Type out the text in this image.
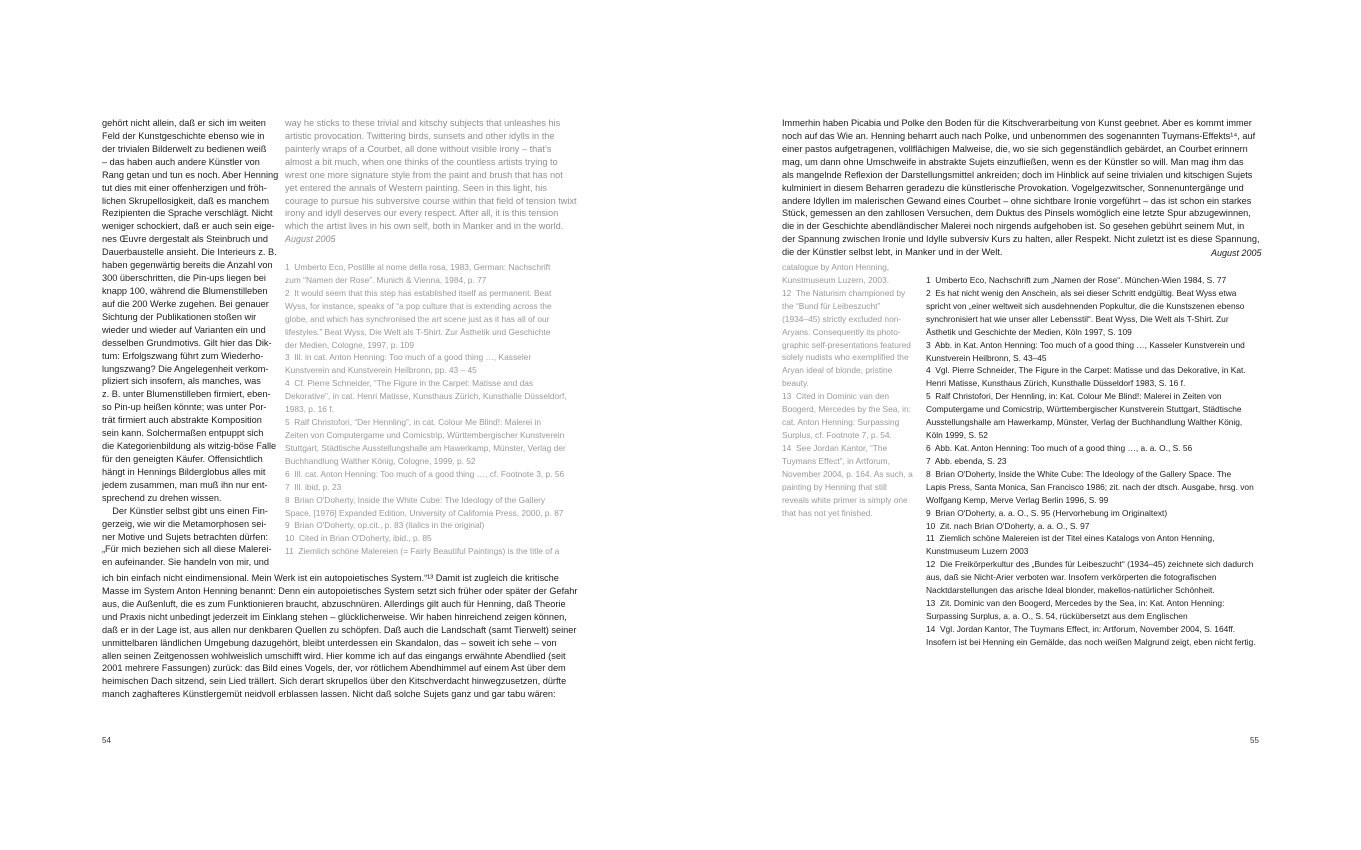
gehört nicht allein, daß er sich im weiten
Feld der Kunstgeschichte ebenso wie in
der trivialen Bilderwelt zu bedienen weiß
– das haben auch andere Künstler von
Rang getan und tun es noch. Aber Henning
tut dies mit einer offenherzigen und fröh-
lichen Skrupellosigkeit, daß es manchem
Rezipienten die Sprache verschlägt. Nicht
weniger schockiert, daß er auch sein eige-
nes Œuvre dergestalt als Steinbruch und
Dauerbaustelle ansieht. Die Interieurs z. B.
haben gegenwärtig bereits die Anzahl von
300 überschritten, die Pin-ups liegen bei
knapp 100, während die Blumenstilleben
auf die 200 Werke zugehen. Bei genauer
Sichtung der Publikationen stoßen wir
wieder und wieder auf Varianten ein und
desselben Grundmotivs. Gilt hier das Dik-
tum: Erfolgszwang führt zum Wiederho-
lungszwang? Die Angelegenheit verkom-
pliziert sich insofern, als manches, was
z. B. unter Blumenstilleben firmiert, eben-
so Pin-up heißen könnte; was unter Por-
trät firmiert auch abstrakte Komposition
sein kann. Solchermaßen entpuppt sich
die Kategorienbildung als witzig-böse Falle
für den geneigten Käufer. Offensichtlich
hängt in Hennings Bilderglobus alles mit
jedem zusammen, man muß ihn nur ent-
sprechend zu drehen wissen.
Der Künstler selbst gibt uns einen Fin-
gerzeig, wie wir die Metamorphosen sei-
ner Motive und Sujets betrachten dürfen:
„Für mich beziehen sich all diese Malerei-
en aufeinander. Sie handeln von mir, und
way he sticks to these trivial and kitschy subjects that unleashes his
artistic provocation. Twittering birds, sunsets and other idylls in the
painterly wraps of a Courbet, all done without visible irony – that's
almost a bit much, when one thinks of the countless artists trying to
wrest one more signature style from the paint and brush that has not
yet entered the annals of Western painting. Seen in this light, his
courage to pursue his subversive course within that field of tension twixt
irony and idyll deserves our every respect. After all, it is this tension
which the artist lives in his own self, both in Manker and in the world.
August 2005
1  Umberto Eco, Postille al nome della rosa, 1983, German: Nachschrift
zum “Namen der Rose”. Munich & Vienna, 1984, p. 77
2  It would seem that this step has established itself as permanent. Beat
Wyss, for instance, speaks of “a pop culture that is extending across the
globe, and which has synchronised the art scene just as it has all of our
lifestyles.” Beat Wyss, Die Welt als T-Shirt. Zur Ästhetik und Geschichte
der Medien, Cologne, 1997, p. 109
3  Ill. in cat. Anton Henning: Too much of a good thing …, Kasseler
Kunstverein and Kunstverein Heilbronn, pp. 43 – 45
4  Cf. Pierre Schneider, “The Figure in the Carpet: Matisse and das
Dekorative”, in cat. Henri Matisse, Kunsthaus Zürich, Kunsthalle Düsseldorf,
1983, p. 16 f.
5  Ralf Christofori, “Der Hennling”, in cat. Colour Me Blind!: Malerei in
Zeiten von Computergame und Comicstrip, Württembergischer Kunstverein
Stuttgart, Städtische Ausstellungshalle am Hawerkamp, Münster, Verlag der
Buchhandlung Walther König, Cologne, 1999, p. 52
6  Ill. cat. Anton Henning: Too much of a good thing …, cf. Footnote 3, p. 56
7  Ill. ibid, p. 23
8  Brian O'Doherty, Inside the White Cube: The Ideology of the Gallery
Space, [1976] Expanded Edition, University of California Press, 2000, p. 87
9  Brian O'Doherty, op.cit., p. 83 (italics in the original)
10  Cited in Brian O'Doherty, ibid., p. 85
11  Ziemlich schöne Malereien (= Fairly Beautiful Paintings) is the title of a
ich bin einfach nicht eindimensional. Mein Werk ist ein autopoietisches System.“¹³ Damit ist zugleich die kritische
Masse im System Anton Henning benannt: Denn ein autopoietisches System setzt sich früher oder später der Gefahr
aus, die Außenluft, die es zum Funktionieren braucht, abzuschnüren. Allerdings gilt auch für Henning, daß Theorie
und Praxis nicht unbedingt jederzeit im Einklang stehen – glücklicherweise. Wir haben hinreichend zeigen können,
daß er in der Lage ist, aus allen nur denkbaren Quellen zu schöpfen. Daß auch die Landschaft (samt Tierwelt) seiner
unmittelbaren ländlichen Umgebung dazugehört, bleibt unterdessen ein Skandalon, das – soweit ich sehe – von
allen seinen Zeitgenossen wohlweislich umschifft wird. Hier komme ich auf das eingangs erwähnte Abendlied (seit
2001 mehrere Fassungen) zurück: das Bild eines Vogels, der, vor rötlichem Abendhimmel auf einem Ast über dem
heimischen Dach sitzend, sein Lied trällert. Sich derart skrupellos über den Kitschverdacht hinwegzusetzen, dürfte
manch zaghafteres Künstlergemüt neidvoll erblassen lassen. Nicht daß solche Sujets ganz und gar tabu wären:
54
Immerhin haben Picabia und Polke den Boden für die Kitschverarbeitung von Kunst geebnet. Aber es kommt immer
noch auf das Wie an. Henning beharrt auch nach Polke, und unbenommen des sogenannten Tuymans-Effekts¹⁴, auf
einer pastos aufgetragenen, vollflächigen Malweise, die, wo sie sich gegenständlich gebärdet, an Courbet erinnern
mag, um dann ohne Umschweife in abstrakte Sujets einzufließen, wenn es der Künstler so will. Man mag ihm das
als mangelnde Reflexion der Darstellungsmittel ankreiden; doch im Hinblick auf seine trivialen und kitschigen Sujets
kulminiert in diesem Beharren geradezu die künstlerische Provokation. Vogelgezwitscher, Sonnenuntergänge und
andere Idyllen im malerischen Gewand eines Courbet – ohne sichtbare Ironie vorgeführt – das ist schon ein starkes
Stück, gemessen an den zahllosen Versuchen, dem Duktus des Pinsels womöglich eine letzte Spur abzugewinnen,
die in der Geschichte abendländischer Malerei noch nirgends aufgehoben ist. So gesehen gebührt seinem Mut, in
der Spannung zwischen Ironie und Idylle subversiv Kurs zu halten, aller Respekt. Nicht zuletzt ist es diese Spannung,
die der Künstler selbst lebt, in Manker und in der Welt.	August 2005
catalogue by Anton Henning,
Kunstmuseum Luzern, 2003.
12  The Naturism championed by
the “Bund für Leibeszucht”
(1934–45) strictly excluded non-
Aryans. Consequently its photo-
graphic self-presentations featured
solely nudists who exemplified the
Aryan ideal of blonde, pristine
beauty.
13  Cited in Dominic van den
Boogerd, Mercedes by the Sea, in:
cat. Anton Henning: Surpassing
Surplus, cf. Footnote 7, p. 54.
14  See Jordan Kantor, “The
Tuymans Effect”, in Artforum,
November 2004, p. 164. As such, a
painting by Henning that still
reveals white primer is simply one
that has not yet finished.
1  Umberto Eco, Nachschrift zum „Namen der Rose“. München-Wien 1984, S. 77
2  Es hat nicht wenig den Anschein, als sei dieser Schritt endgültig. Beat Wyss etwa
spricht von „einer weltweit sich ausdehnenden Popkultur, die die Kunstszenen ebenso
synchronisiert hat wie unser aller Lebensstil“. Beat Wyss, Die Welt als T-Shirt. Zur
Ästhetik und Geschichte der Medien, Köln 1997, S. 109
3  Abb. in Kat. Anton Henning: Too much of a good thing …, Kasseler Kunstverein und
Kunstverein Heilbronn, S. 43–45
4  Vgl. Pierre Schneider, The Figure in the Carpet: Matisse und das Dekorative, in Kat.
Henri Matisse, Kunsthaus Zürich, Kunsthalle Düsseldorf 1983, S. 16 f.
5  Ralf Christofori, Der Hennling, in: Kat. Colour Me Blind!: Malerei in Zeiten von
Computergame und Comicstrip, Württembergischer Kunstverein Stuttgart, Städtische
Ausstellungshalle am Hawerkamp, Münster, Verlag der Buchhandlung Walther König,
Köln 1999, S. 52
6  Abb. Kat. Anton Henning: Too much of a good thing …, a. a. O., S. 56
7  Abb. ebenda, S. 23
8  Brian O'Doherty, Inside the White Cube: The Ideology of the Gallery Space. The
Lapis Press, Santa Monica, San Francisco 1986; zit. nach der dtsch. Ausgabe, hrsg. von
Wolfgang Kemp, Merve Verlag Berlin 1996, S. 99
9  Brian O'Doherty, a. a. O., S. 95 (Hervorhebung im Originaltext)
10  Zit. nach Brian O'Doherty, a. a. O., S. 97
11  Ziemlich schöne Malereien ist der Titel eines Katalogs von Anton Henning,
Kunstmuseum Luzern 2003
12  Die Freikörperkultur des „Bundes für Leibeszucht“ (1934–45) zeichnete sich dadurch
aus, daß sie Nicht-Arier verboten war. Insofern verkörperten die fotografischen
Nacktdarstellungen das arische Ideal blonder, makellos-natürlicher Schönheit.
13  Zit. Dominic van den Boogerd, Mercedes by the Sea, in: Kat. Anton Henning:
Surpassing Surplus, a. a. O., S. 54, rückübersetzt aus dem Englischen
14  Vgl. Jordan Kantor, The Tuymans Effect, in: Artforum, November 2004, S. 164ff.
Insofern ist bei Henning ein Gemälde, das noch weißen Malgrund zeigt, eben nicht fertig.
55
